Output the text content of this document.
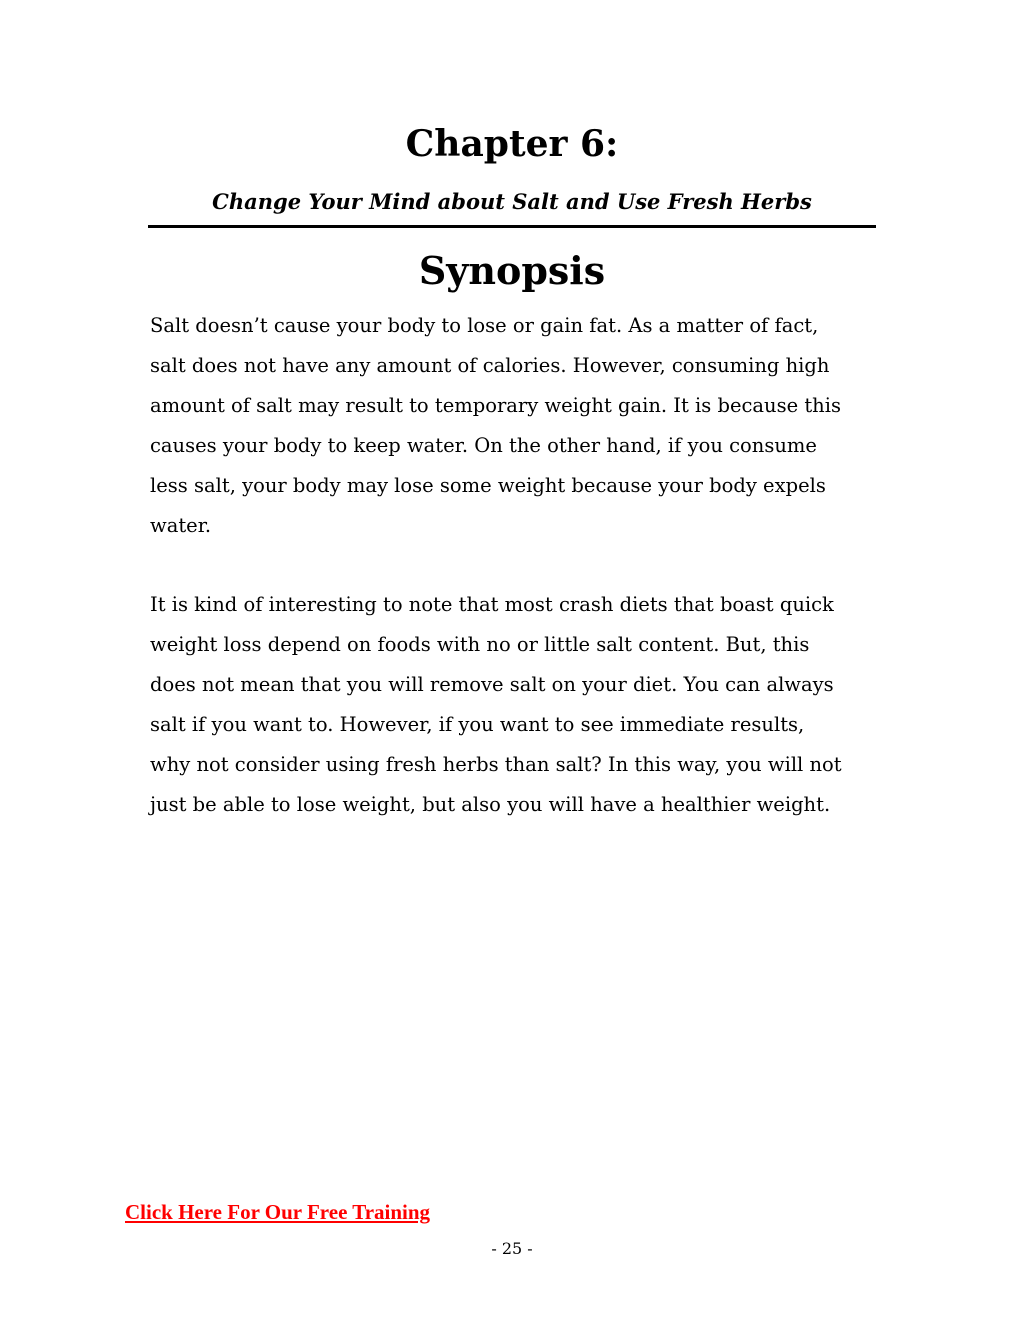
Chapter 6:
Change Your Mind about Salt and Use Fresh Herbs
Synopsis
Salt doesn’t cause your body to lose or gain fat. As a matter of fact,
salt does not have any amount of calories. However, consuming high
amount of salt may result to temporary weight gain. It is because this
causes your body to keep water. On the other hand, if you consume
less salt, your body may lose some weight because your body expels
water.
It is kind of interesting to note that most crash diets that boast quick
weight loss depend on foods with no or little salt content. But, this
does not mean that you will remove salt on your diet. You can always
salt if you want to. However, if you want to see immediate results,
why not consider using fresh herbs than salt? In this way, you will not
just be able to lose weight, but also you will have a healthier weight.
Click Here For Our Free Training
- 25 -
